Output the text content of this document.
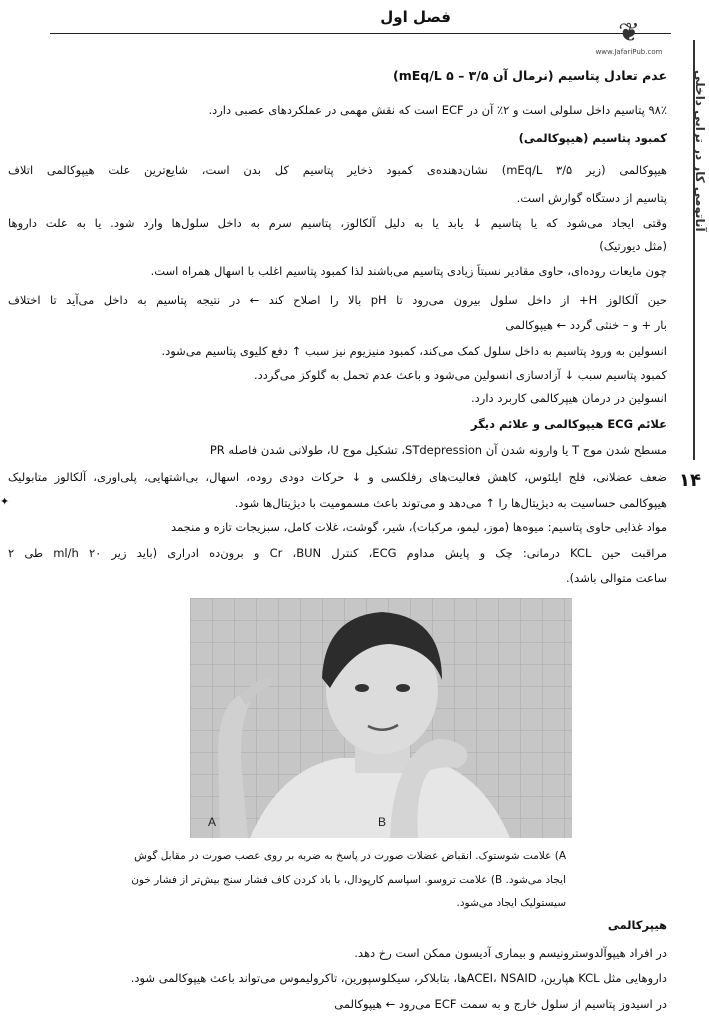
فصل اول
❦
www.JafariPub.com
آناتومی کار در تراپی داخلی
۱۴
عدم تعادل پتاسیم (نرمال آن mEq/L ۵ – ۳/۵)
۹۸٪ پتاسیم داخل سلولی است و ۲٪ آن در ECF است که نقش مهمی در عملکردهای عصبی دارد.
کمبود پتاسیم (هیپوکالمی)
هیپوکالمی (زیر mEq/L ۳/۵) نشان‌دهنده‌ی کمبود ذخایر پتاسیم کل بدن است، شایع‌ترین علت هیپوکالمی اتلاف
پتاسیم از دستگاه گوارش است.
وقتی ایجاد می‌شود که یا پتاسیم ↓ یابد یا به دلیل آلکالوز، پتاسیم سرم به داخل سلول‌ها وارد شود. یا به علت داروها
(مثل دیورتیک)
چون مایعات روده‌ای، حاوی مقادیر نسبتاً زیادی پتاسیم می‌باشند لذا کمبود پتاسیم اغلب با اسهال همراه است.
حین آلکالوز H+ از داخل سلول بیرون می‌رود تا pH بالا را اصلاح کند ← در نتیجه پتاسیم به داخل می‌آید تا اختلاف
بار + و – خنثی گردد ← هیپوکالمی
انسولین به ورود پتاسیم به داخل سلول کمک می‌کند، کمبود منیزیوم نیز سبب ↑ دفع کلیوی پتاسیم می‌شود.
کمبود پتاسیم سبب ↓ آزادسازی انسولین می‌شود و باعث عدم تحمل به گلوکز می‌گردد.
انسولین در درمان هیپرکالمی کاربرد دارد.
علائم ECG هیپوکالمی و علائم دیگر
مسطح شدن موج T یا وارونه شدن آن STdepression، تشکیل موج U، طولانی شدن فاصله PR
ضعف عضلانی، فلج ایلئوس، کاهش فعالیت‌های رفلکسی و ↓ حرکات دودی روده، اسهال، بی‌اشتهایی، پلی‌اوری، آلکالوز متابولیک
هیپوکالمی حساسیت به دیژیتال‌ها را ↑ می‌دهد و می‌توند باعث مسمومیت با دیژیتال‌ها شود.
مواد غذایی حاوی پتاسیم: میوه‌ها (موز، لیمو، مرکبات)، شیر، گوشت، غلات کامل، سبزیجات تازه و منجمد
مراقبت حین KCL درمانی: چک و پایش مداوم ECG، کنترل Cr ،BUN و برون‌ده ادراری (باید زیر ml/h ۲۰ طی ۲
ساعت متوالی باشد).
هیپرکالمی
در افراد هیپوآلدوسترونیسم و بیماری آدیسون ممکن است رخ دهد.
داروهایی مثل KCL هپارین، ACEI، NSAIDها، بتابلاکر، سیکلوسپورین، تاکرولیموس می‌تواند باعث هیپوکالمی شود.
در اسیدوز پتاسیم از سلول خارج و به سمت ECF می‌رود ← هیپوکالمی
✦
A	B
A) علامت شوستوک. انقباض عضلات صورت در پاسخ به ضربه بر روی عصب صورت در مقابل گوش
ایجاد می‌شود. B) علامت تروسو. اسپاسم کارپودال، با باد کردن کاف فشار سنج بیش‌تر از فشار خون
سیستولیک ایجاد می‌شود.
